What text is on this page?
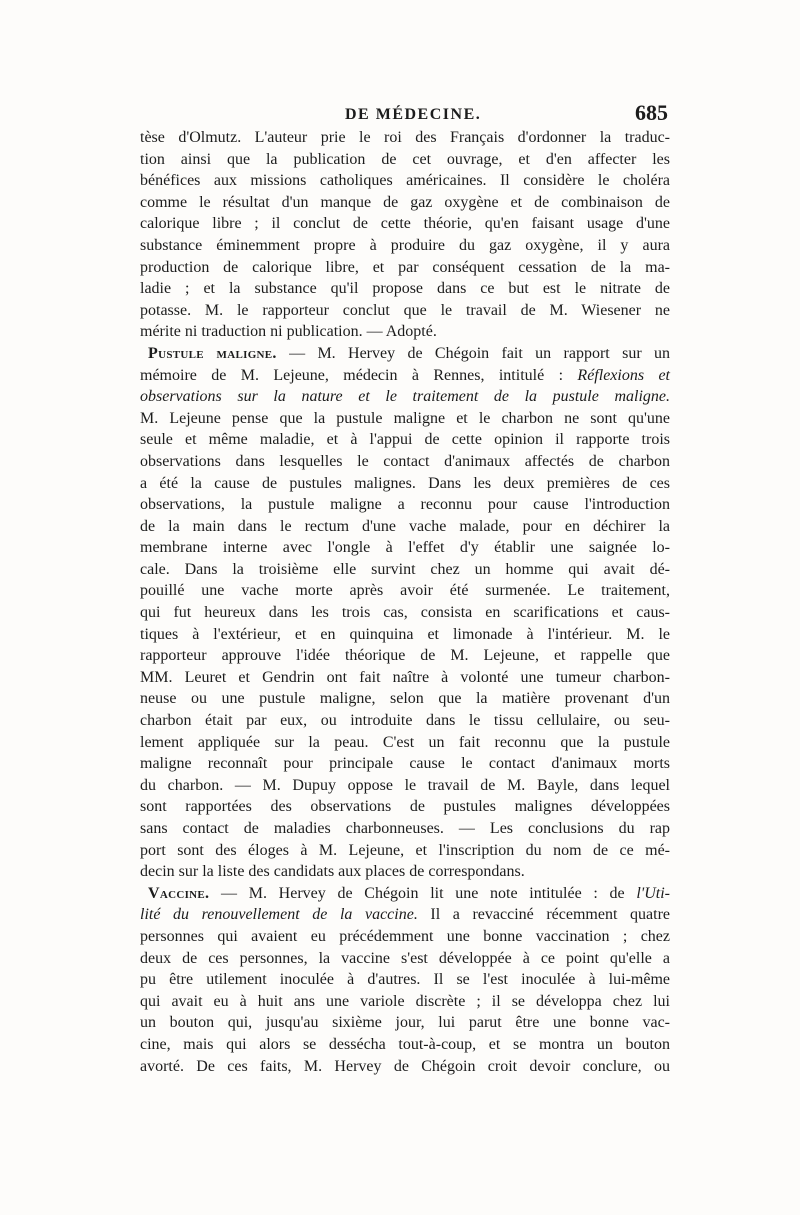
DE MÉDECINE.	685
tèse d'Olmutz. L'auteur prie le roi des Français d'ordonner la traduc-
tion ainsi que la publication de cet ouvrage, et d'en affecter les
bénéfices aux missions catholiques américaines. Il considère le choléra
comme le résultat d'un manque de gaz oxygène et de combinaison de
calorique libre ; il conclut de cette théorie, qu'en faisant usage d'une
substance éminemment propre à produire du gaz oxygène, il y aura
production de calorique libre, et par conséquent cessation de la ma-
ladie ; et la substance qu'il propose dans ce but est le nitrate de
potasse. M. le rapporteur conclut que le travail de M. Wiesener ne
mérite ni traduction ni publication. — Adopté.
Pustule maligne. — M. Hervey de Chégoin fait un rapport sur un
mémoire de M. Lejeune, médecin à Rennes, intitulé : Réflexions et
observations sur la nature et le traitement de la pustule maligne.
M. Lejeune pense que la pustule maligne et le charbon ne sont qu'une
seule et même maladie, et à l'appui de cette opinion il rapporte trois
observations dans lesquelles le contact d'animaux affectés de charbon
a été la cause de pustules malignes. Dans les deux premières de ces
observations, la pustule maligne a reconnu pour cause l'introduction
de la main dans le rectum d'une vache malade, pour en déchirer la
membrane interne avec l'ongle à l'effet d'y établir une saignée lo-
cale. Dans la troisième elle survint chez un homme qui avait dé-
pouillé une vache morte après avoir été surmenée. Le traitement,
qui fut heureux dans les trois cas, consista en scarifications et caus-
tiques à l'extérieur, et en quinquina et limonade à l'intérieur. M. le
rapporteur approuve l'idée théorique de M. Lejeune, et rappelle que
MM. Leuret et Gendrin ont fait naître à volonté une tumeur charbon-
neuse ou une pustule maligne, selon que la matière provenant d'un
charbon était par eux, ou introduite dans le tissu cellulaire, ou seu-
lement appliquée sur la peau. C'est un fait reconnu que la pustule
maligne reconnaît pour principale cause le contact d'animaux morts
du charbon. — M. Dupuy oppose le travail de M. Bayle, dans lequel
sont rapportées des observations de pustules malignes développées
sans contact de maladies charbonneuses. — Les conclusions du rap
port sont des éloges à M. Lejeune, et l'inscription du nom de ce mé-
decin sur la liste des candidats aux places de correspondans.
Vaccine. — M. Hervey de Chégoin lit une note intitulée : de l'Uti-
lité du renouvellement de la vaccine. Il a revacciné récemment quatre
personnes qui avaient eu précédemment une bonne vaccination ; chez
deux de ces personnes, la vaccine s'est développée à ce point qu'elle a
pu être utilement inoculée à d'autres. Il se l'est inoculée à lui-même
qui avait eu à huit ans une variole discrète ; il se développa chez lui
un bouton qui, jusqu'au sixième jour, lui parut être une bonne vac-
cine, mais qui alors se dessécha tout-à-coup, et se montra un bouton
avorté. De ces faits, M. Hervey de Chégoin croit devoir conclure, ou
